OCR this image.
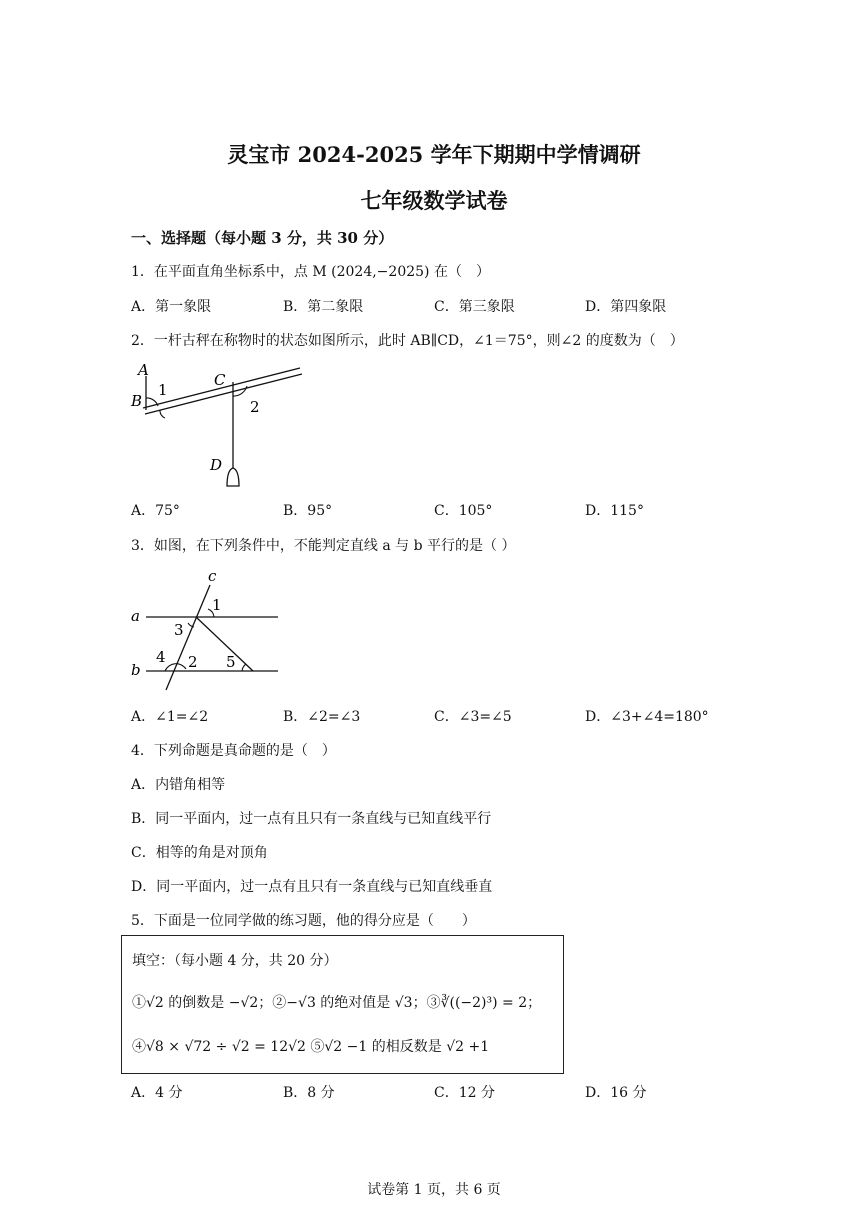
灵宝市 2024-2025 学年下期期中学情调研
七年级数学试卷
一、选择题（每小题 3 分，共 30 分）
1．在平面直角坐标系中，点 M (2024,−2025) 在（　）
A．第一象限	B．第二象限	C．第三象限	D．第四象限
2．一杆古秤在称物时的状态如图所示，此时 AB∥CD，∠1＝75°，则∠2 的度数为（　）
A
B
C
D
1
2
A．75°	B．95°	C．105°	D．115°
3．如图，在下列条件中，不能判定直线 a 与 b 平行的是（ ）
c
a
b
1
3
4 2 5
A．∠1=∠2	B．∠2=∠3	C．∠3=∠5	D．∠3+∠4=180°
4．下列命题是真命题的是（　）
A．内错角相等
B．同一平面内，过一点有且只有一条直线与已知直线平行
C．相等的角是对顶角
D．同一平面内，过一点有且只有一条直线与已知直线垂直
5．下面是一位同学做的练习题，他的得分应是（　　）
填空：（每小题 4 分，共 20 分）
①√2 的倒数是 −√2；②−√3 的绝对值是 √3；③∛((−2)³) = 2；
④√8 × √72 ÷ √2 = 12√2 ⑤√2 −1 的相反数是 √2 +1
A．4 分	B．8 分	C．12 分	D．16 分
试卷第 1 页，共 6 页
